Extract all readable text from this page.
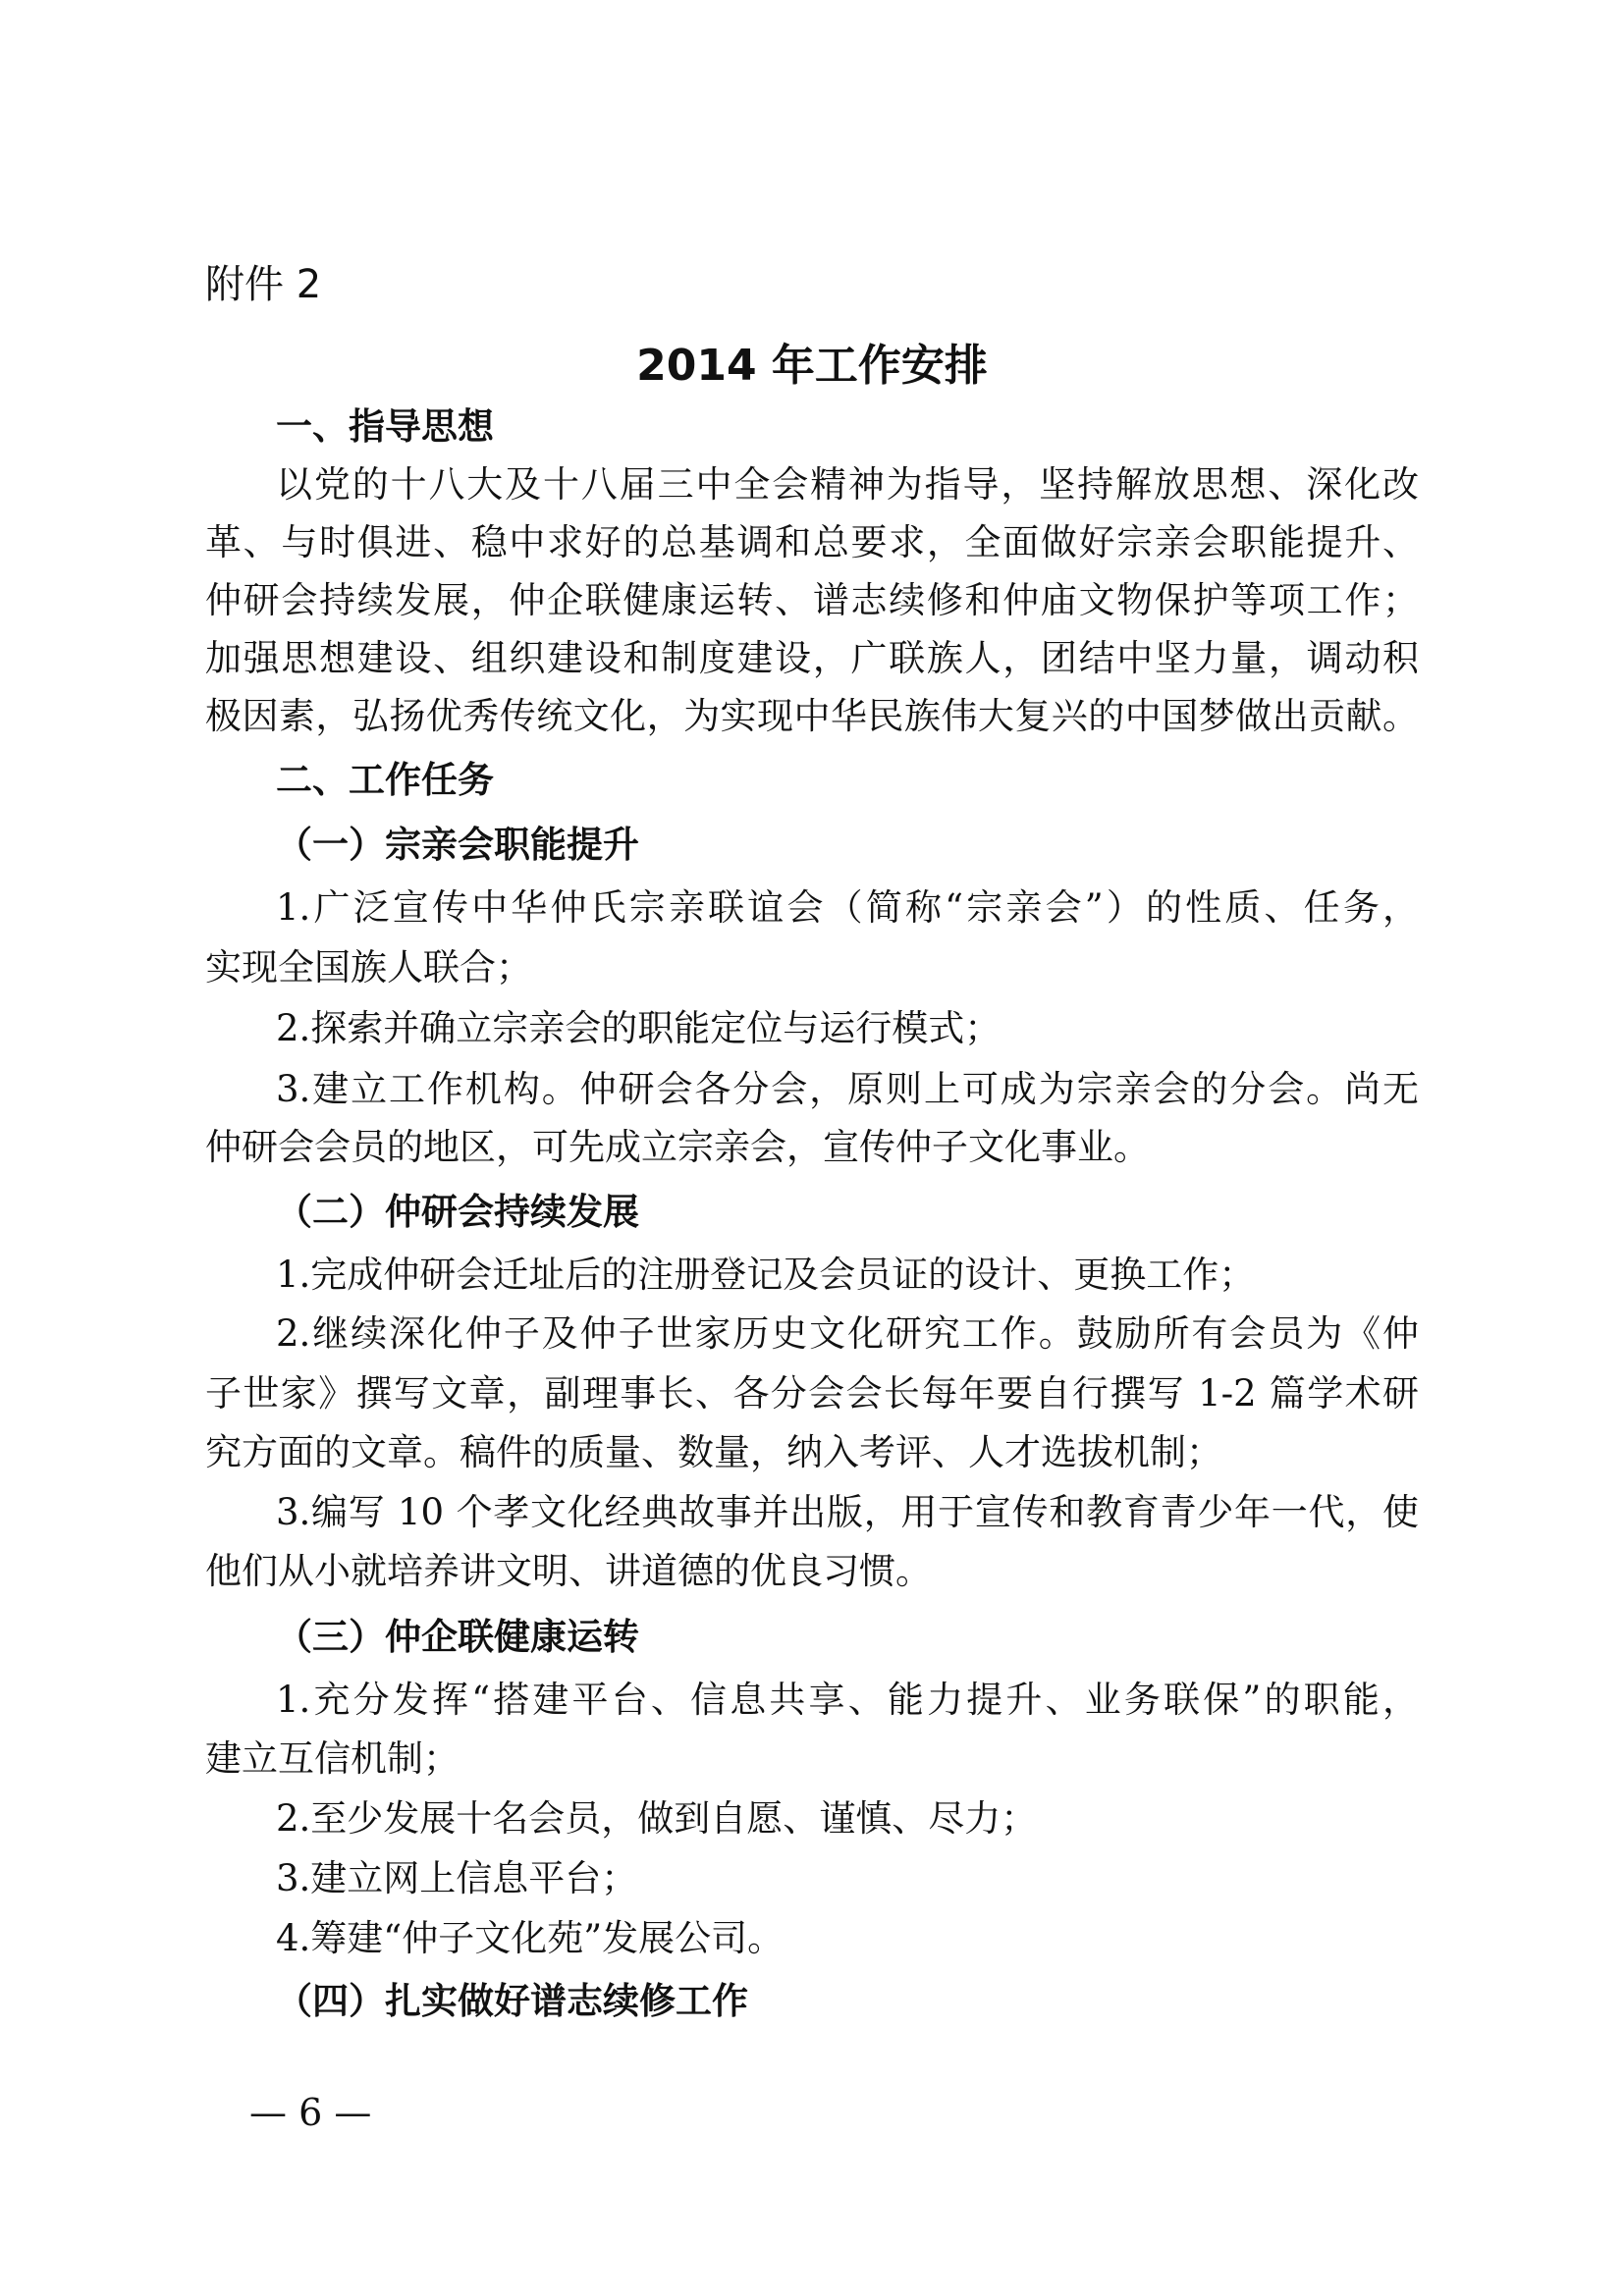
附件 2
2014 年工作安排
一、指导思想
以党的十八大及十八届三中全会精神为指导，坚持解放思想、深化改
革、与时俱进、稳中求好的总基调和总要求，全面做好宗亲会职能提升、
仲研会持续发展，仲企联健康运转、谱志续修和仲庙文物保护等项工作；
加强思想建设、组织建设和制度建设，广联族人，团结中坚力量，调动积
极因素，弘扬优秀传统文化，为实现中华民族伟大复兴的中国梦做出贡献。
二、工作任务
（一）宗亲会职能提升
1.广泛宣传中华仲氏宗亲联谊会（简称“宗亲会”）的性质、任务，
实现全国族人联合；
2.探索并确立宗亲会的职能定位与运行模式；
3.建立工作机构。仲研会各分会，原则上可成为宗亲会的分会。尚无
仲研会会员的地区，可先成立宗亲会，宣传仲子文化事业。
（二）仲研会持续发展
1.完成仲研会迁址后的注册登记及会员证的设计、更换工作；
2.继续深化仲子及仲子世家历史文化研究工作。鼓励所有会员为《仲
子世家》撰写文章，副理事长、各分会会长每年要自行撰写 1-2 篇学术研
究方面的文章。稿件的质量、数量，纳入考评、人才选拔机制；
3.编写 10 个孝文化经典故事并出版，用于宣传和教育青少年一代，使
他们从小就培养讲文明、讲道德的优良习惯。
（三）仲企联健康运转
1.充分发挥“搭建平台、信息共享、能力提升、业务联保”的职能，
建立互信机制；
2.至少发展十名会员，做到自愿、谨慎、尽力；
3.建立网上信息平台；
4.筹建“仲子文化苑”发展公司。
（四）扎实做好谱志续修工作
— 6 —
